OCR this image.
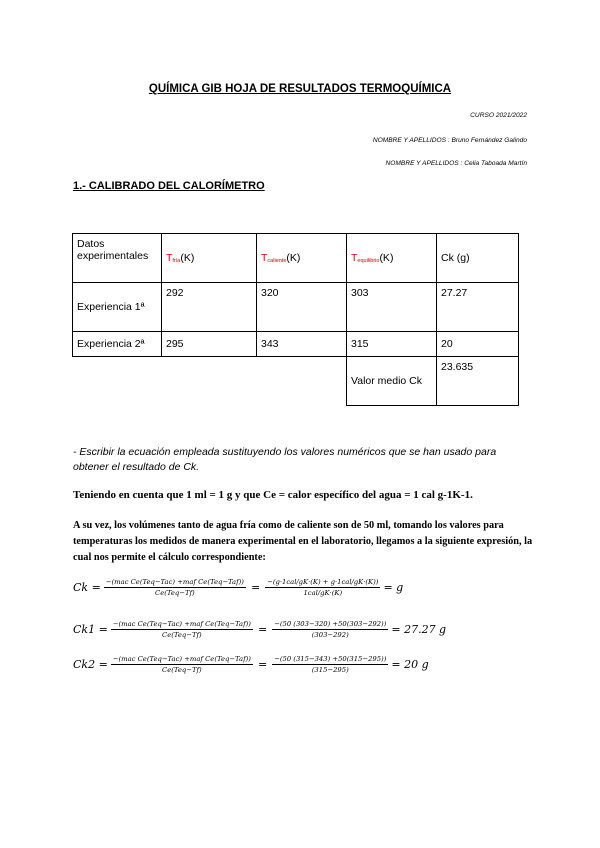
QUÍMICA GIB HOJA DE RESULTADOS TERMOQUÍMICA
CURSO 2021/2022
NOMBRE Y APELLIDOS : Bruno Fernández Galindo
NOMBRE Y APELLIDOS : Celia Taboada Martín
1.- CALIBRADO DEL CALORÍMETRO
Datos experimentales	$T_{fría}(K)$	$T_{caliente}(K)$	$T_{equilibrio}(K)$	Ck (g)
Experiencia 1ª	292	320	303	27.27
Experiencia 2ª	295	343	315	20
			Valor medio Ck	23.635
- Escribir la ecuación empleada sustituyendo los valores numéricos que se han usado para obtener el resultado de Ck.
Teniendo en cuenta que 1 ml = 1 g y que Ce = calor específico del agua = 1 cal g-1K-1.
A su vez, los volúmenes tanto de agua fría como de caliente son de 50 ml, tomando los valores para temperaturas los medidos de manera experimental en el laboratorio, llegamos a la siguiente expresión, la cual nos permite el cálculo correspondiente:
$Ck = \frac{\text{−(mac Ce(Teq−Tac) +maf Ce(Teq−Taf))}}{\text{Ce(Teq−Tf)}} = \frac{\text{−(g·1cal/gK·(K) + g·1cal/gK·(K))}}{\text{1cal/gK·(K)}} = g$
$Ck1 = \frac{\text{−(mac Ce(Teq−Tac) +maf Ce(Teq−Taf))}}{\text{Ce(Teq−Tf)}} = \frac{-(50 (303-320) +50(303-292))}{(303-292)} = 27.27$ g
$Ck2 = \frac{\text{−(mac Ce(Teq−Tac) +maf Ce(Teq−Taf))}}{\text{Ce(Teq−Tf)}} = \frac{-(50 (315-343) +50(315-295))}{(315-295)} = 20$ g
